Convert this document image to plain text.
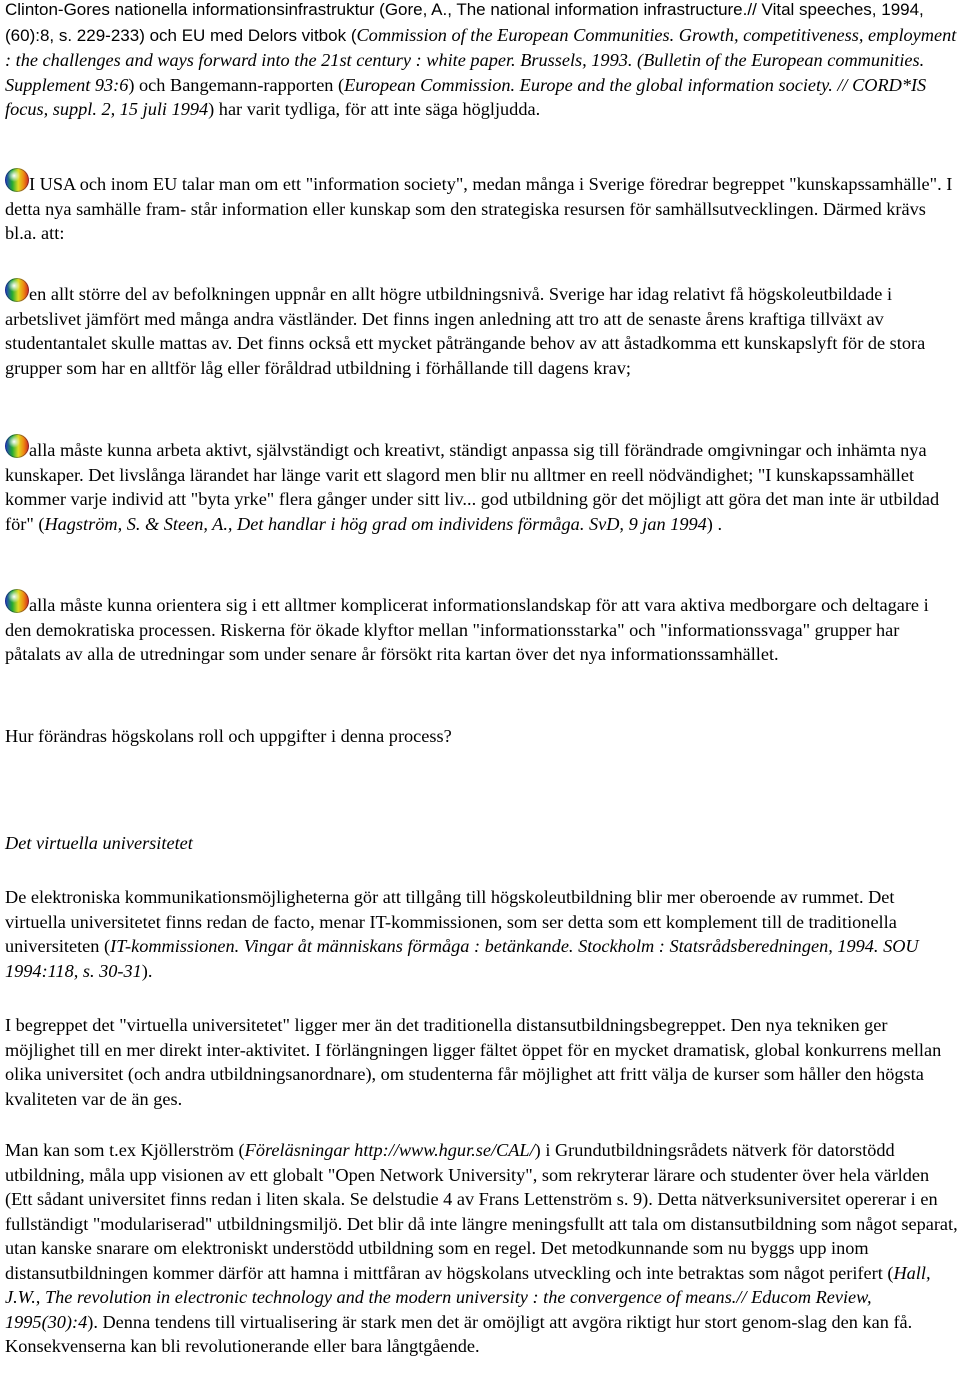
Clinton-Gores nationella informationsinfrastruktur (Gore, A., The national information infrastructure.// Vital speeches, 1994, (60):8, s. 229-233) och EU med Delors vitbok (Commission of the European Communities. Growth, competitiveness, employment : the challenges and ways forward into the 21st century : white paper. Brussels, 1993. (Bulletin of the European communities. Supplement 93:6) och Bangemann-rapporten (European Commission. Europe and the global information society. // CORD*IS focus, suppl. 2, 15 juli 1994) har varit tydliga, för att inte säga högljudda.

I USA och inom EU talar man om ett "information society", medan många i Sverige föredrar begreppet "kunskapssamhälle". I detta nya samhälle fram- står information eller kunskap som den strategiska resursen för samhällsutvecklingen. Därmed krävs bl.a. att:

en allt större del av befolkningen uppnår en allt högre utbildningsnivå. Sverige har idag relativt få högskoleutbildade i arbetslivet jämfört med många andra västländer. Det finns ingen anledning att tro att de senaste årens kraftiga tillväxt av studentantalet skulle mattas av. Det finns också ett mycket påträngande behov av att åstadkomma ett kunskapslyft för de stora grupper som har en alltför låg eller föråldrad utbildning i förhållande till dagens krav;

alla måste kunna arbeta aktivt, självständigt och kreativt, ständigt anpassa sig till förändrade omgivningar och inhämta nya kunskaper. Det livslånga lärandet har länge varit ett slagord men blir nu alltmer en reell nödvändighet; "I kunskapssamhället kommer varje individ att "byta yrke" flera gånger under sitt liv... god utbildning gör det möjligt att göra det man inte är utbildad för" (Hagström, S. & Steen, A., Det handlar i hög grad om individens förmåga. SvD, 9 jan 1994) .

alla måste kunna orientera sig i ett alltmer komplicerat informationslandskap för att vara aktiva medborgare och deltagare i den demokratiska processen. Riskerna för ökade klyftor mellan "informationsstarka" och "informationssvaga" grupper har påtalats av alla de utredningar som under senare år försökt rita kartan över det nya informationssamhället.

Hur förändras högskolans roll och uppgifter i denna process?

Det virtuella universitetet

De elektroniska kommunikationsmöjligheterna gör att tillgång till högskoleutbildning blir mer oberoende av rummet. Det virtuella universitetet finns redan de facto, menar IT-kommissionen, som ser detta som ett komplement till de traditionella universiteten (IT-kommissionen. Vingar åt människans förmåga : betänkande. Stockholm : Statsrådsberedningen, 1994. SOU 1994:118, s. 30-31).

I begreppet det "virtuella universitetet" ligger mer än det traditionella distansutbildningsbegreppet. Den nya tekniken ger möjlighet till en mer direkt inter-aktivitet. I förlängningen ligger fältet öppet för en mycket dramatisk, global konkurrens mellan olika universitet (och andra utbildningsanordnare), om studenterna får möjlighet att fritt välja de kurser som håller den högsta kvaliteten var de än ges.

Man kan som t.ex Kjöllerström (Föreläsningar http://www.hgur.se/CAL/) i Grundutbildningsrådets nätverk för datorstödd utbildning, måla upp visionen av ett globalt "Open Network University", som rekryterar lärare och studenter över hela världen (Ett sådant universitet finns redan i liten skala. Se delstudie 4 av Frans Lettenström s. 9). Detta nätverksuniversitet opererar i en fullständigt "modulariserad" utbildningsmiljö. Det blir då inte längre meningsfullt att tala om distansutbildning som något separat, utan kanske snarare om elektroniskt understödd utbildning som en regel. Det metodkunnande som nu byggs upp inom distansutbildningen kommer därför att hamna i mittfåran av högskolans utveckling och inte betraktas som något perifert (Hall, J.W., The revolution in electronic technology and the modern university : the convergence of means.// Educom Review, 1995(30):4). Denna tendens till virtualisering är stark men det är omöjligt att avgöra riktigt hur stort genom-slag den kan få. Konsekvenserna kan bli revolutionerande eller bara långtgående.
